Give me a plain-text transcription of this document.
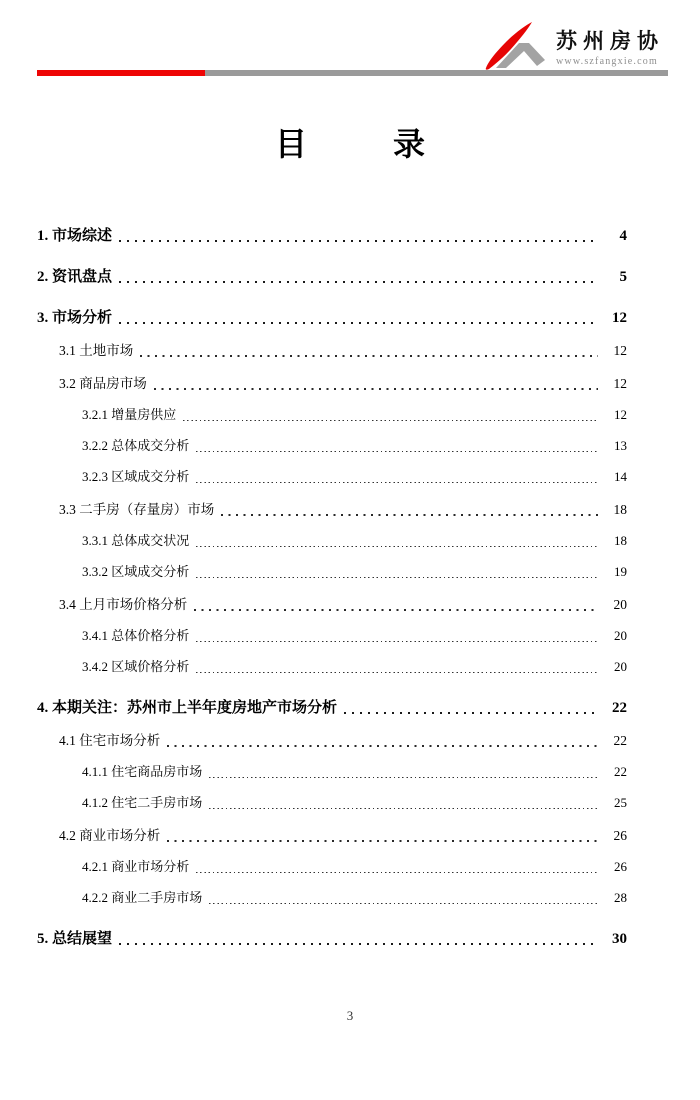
苏州房协
www.szfangxie.com
目	录
1. 市场综述	4
2. 资讯盘点	5
3. 市场分析	12
3.1 土地市场	12
3.2 商品房市场	12
3.2.1 增量房供应	12
3.2.2 总体成交分析	13
3.2.3 区域成交分析	14
3.3 二手房（存量房）市场	18
3.3.1 总体成交状况	18
3.3.2 区域成交分析	19
3.4 上月市场价格分析	20
3.4.1 总体价格分析	20
3.4.2 区域价格分析	20
4. 本期关注：苏州市上半年度房地产市场分析	22
4.1 住宅市场分析	22
4.1.1 住宅商品房市场	22
4.1.2 住宅二手房市场	25
4.2 商业市场分析	26
4.2.1 商业市场分析	26
4.2.2 商业二手房市场	28
5. 总结展望	30
3
